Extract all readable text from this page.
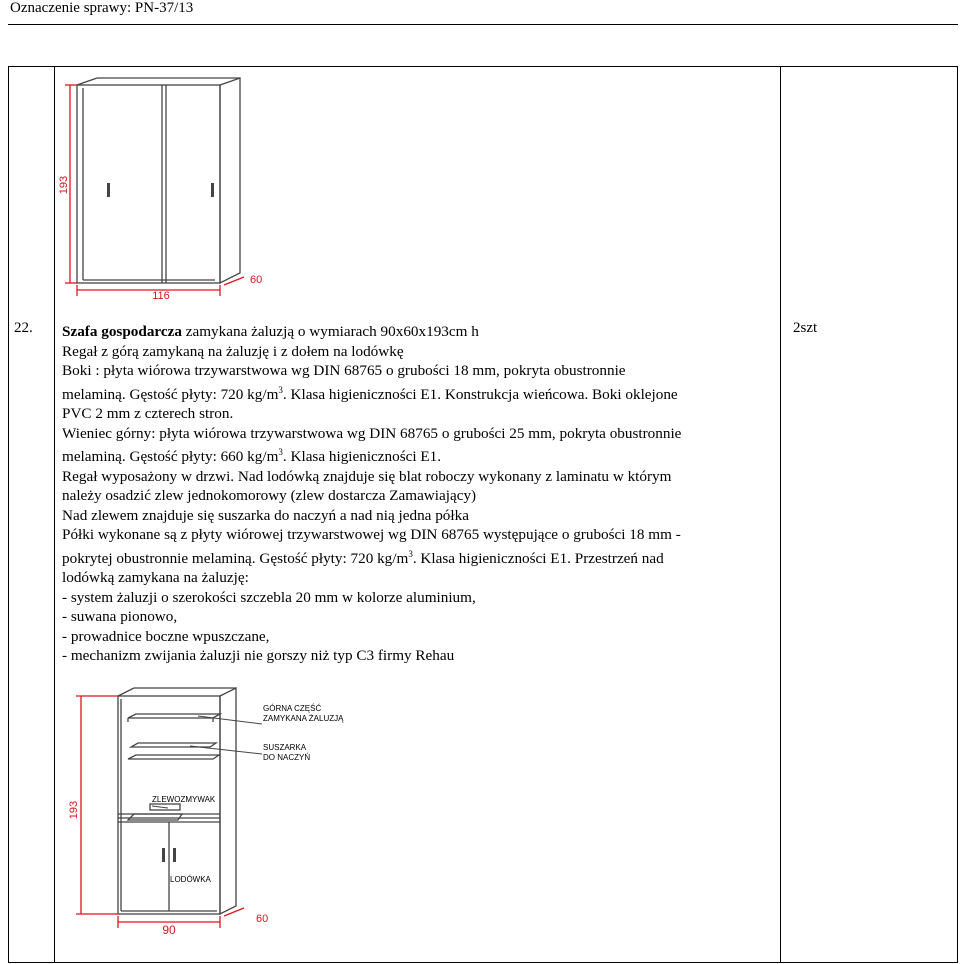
Oznaczenie sprawy: PN-37/13
193
116
60
22.	2szt

Szafa gospodarcza zamykana żaluzją o wymiarach 90x60x193cm h

Regał z górą zamykaną na żaluzję i z dołem na lodówkę

Boki : płyta wiórowa trzywarstwowa wg DIN 68765 o grubości 18 mm, pokryta obustronnie

melaminą. Gęstość płyty: 720 $kg/m^3$. Klasa higieniczności E1. Konstrukcja wieńcowa. Boki oklejone

PVC 2 mm z czterech stron.

Wieniec górny: płyta wiórowa trzywarstwowa wg DIN 68765 o grubości 25 mm, pokryta obustronnie

melaminą. Gęstość płyty: 660 $kg/m^3$. Klasa higieniczności E1.

Regał wyposażony w drzwi. Nad lodówką znajduje się blat roboczy wykonany z laminatu w którym

należy osadzić zlew jednokomorowy (zlew dostarcza Zamawiający)

Nad zlewem znajduje się suszarka do naczyń a nad nią jedna półka

Półki wykonane są z płyty wiórowej trzywarstwowej wg DIN 68765 występujące o grubości 18 mm -

pokrytej obustronnie melaminą. Gęstość płyty: 720 $kg/m^3$. Klasa higieniczności E1. Przestrzeń nad

lodówką zamykana na żaluzję:

- system żaluzji o szerokości szczebla 20 mm w kolorze aluminium,

- suwana pionowo,

- prowadnice boczne wpuszczane,

- mechanizm zwijania żaluzji nie gorszy niż typ C3 firmy Rehau

GÓRNA CZĘŚĆ
ZAMYKANA ŻALUZJĄ
SUSZARKA
DO NACZYŃ
ZLEWOZMYWAK
LODÓWKA
193
90
60
